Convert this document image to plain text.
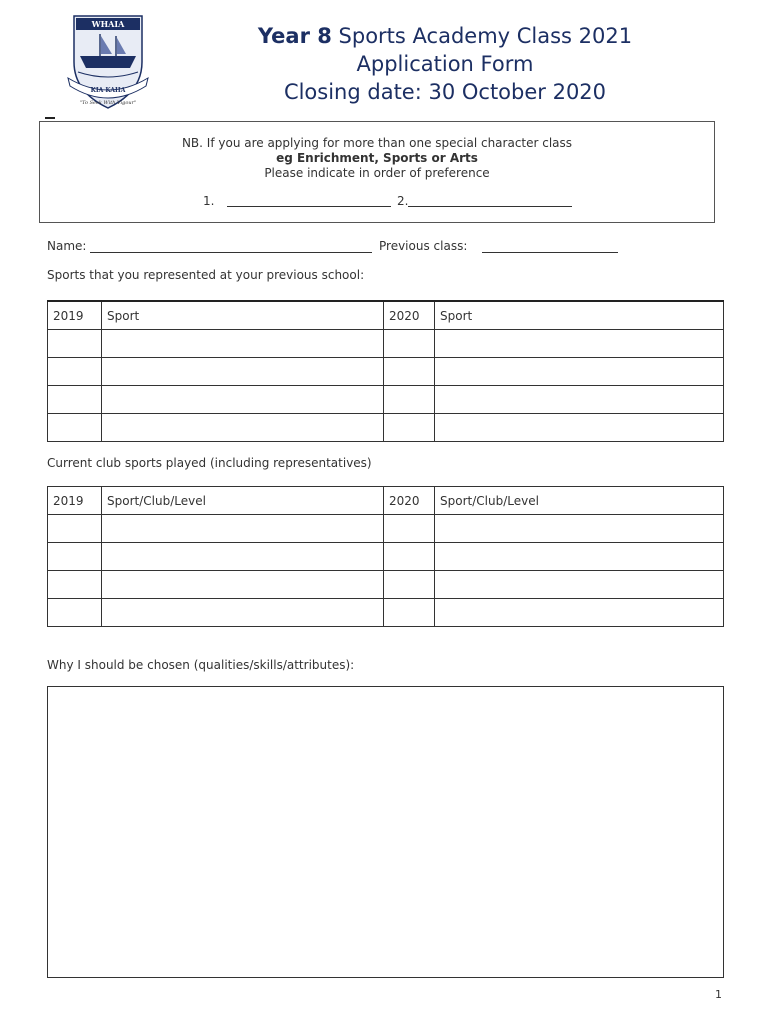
WHAIA
KIA KAHA
"To Seek With Vigour"
Year 8 Sports Academy Class 2021
Application Form
Closing date: 30 October 2020
NB. If you are applying for more than one special character class
eg Enrichment, Sports or Arts
Please indicate in order of preference
1.	2.
Name:	Previous class:
Sports that you represented at your previous school:
2019	Sport	2020	Sport

Current club sports played (including representatives)
2019	Sport/Club/Level	2020	Sport/Club/Level

Why I should be chosen (qualities/skills/attributes):
1
